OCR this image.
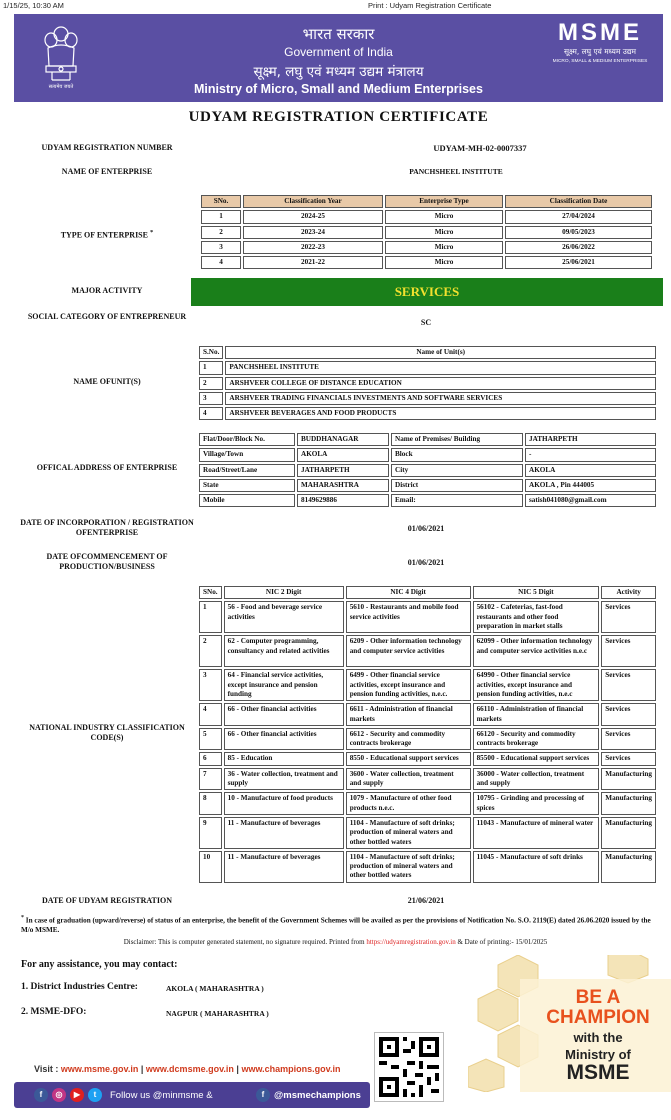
1/15/25, 10:30 AM	Print : Udyam Registration Certificate
सत्यमेव जयते
भारत सरकार
Government of India
सूक्ष्म, लघु एवं मध्यम उद्यम मंत्रालय
Ministry of Micro, Small and Medium Enterprises
MSME
सूक्ष्म, लघु एवं मध्यम उद्यम
MICRO, SMALL & MEDIUM ENTERPRISES
UDYAM REGISTRATION CERTIFICATE
UDYAM REGISTRATION NUMBER	UDYAM-MH-02-0007337
NAME OF ENTERPRISE	PANCHSHEEL INSTITUTE
TYPE OF ENTERPRISE *
SNo.	Classification Year	Enterprise Type	Classification Date
1	2024-25	Micro	27/04/2024
2	2023-24	Micro	09/05/2023
3	2022-23	Micro	26/06/2022
4	2021-22	Micro	25/06/2021
MAJOR ACTIVITY	SERVICES
SOCIAL CATEGORY OF ENTREPRENEUR
SC
NAME OFUNIT(S)
S.No.	Name of Unit(s)
1	PANCHSHEEL INSTITUTE
2	ARSHVEER COLLEGE OF DISTANCE EDUCATION
3	ARSHVEER TRADING FINANCIALS INVESTMENTS AND SOFTWARE SERVICES
4	ARSHVEER BEVERAGES AND FOOD PRODUCTS
OFFICAL ADDRESS OF ENTERPRISE
Flat/Door/Block No.	BUDDHANAGAR	Name of Premises/ Building	JATHARPETH
Village/Town	AKOLA	Block	-
Road/Street/Lane	JATHARPETH	City	AKOLA
State	MAHARASHTRA	District	AKOLA , Pin 444005
Mobile	8149629886	Email:	satish041080@gmail.com
DATE OF INCORPORATION / REGISTRATION OFENTERPRISE	01/06/2021
DATE OFCOMMENCEMENT OF PRODUCTION/BUSINESS	01/06/2021
NATIONAL INDUSTRY CLASSIFICATION CODE(S)
SNo.	NIC 2 Digit	NIC 4 Digit	NIC 5 Digit	Activity
1	56 - Food and beverage service activities	5610 - Restaurants and mobile food service activities	56102 - Cafeterias, fast-food restaurants and other food preparation in market stalls	Services
2	62 - Computer programming, consultancy and related activities	6209 - Other information technology and computer service activities	62099 - Other information technology and computer service activities n.e.c	Services
3	64 - Financial service activities, except insurance and pension funding	6499 - Other financial service activities, except insurance and pension funding activities, n.e.c.	64990 - Other financial service activities, except insurance and pension funding activities, n.e.c	Services
4	66 - Other financial activities	6611 - Administration of financial markets	66110 - Administration of financial markets	Services
5	66 - Other financial activities	6612 - Security and commodity contracts brokerage	66120 - Security and commodity contracts brokerage	Services
6	85 - Education	8550 - Educational support services	85500 - Educational support services	Services
7	36 - Water collection, treatment and supply	3600 - Water collection, treatment and supply	36000 - Water collection, treatment and supply	Manufacturing
8	10 - Manufacture of food products	1079 - Manufacture of other food products n.e.c.	10795 - Grinding and processing of spices	Manufacturing
9	11 - Manufacture of beverages	1104 - Manufacture of soft drinks; production of mineral waters and other bottled waters	11043 - Manufacture of mineral water	Manufacturing
10	11 - Manufacture of beverages	1104 - Manufacture of soft drinks; production of mineral waters and other bottled waters	11045 - Manufacture of soft drinks	Manufacturing
DATE OF UDYAM REGISTRATION	21/06/2021
* In case of graduation (upward/reverse) of status of an enterprise, the benefit of the Government Schemes will be availed as per the provisions of Notification No. S.O. 2119(E) dated 26.06.2020 issued by the M/o MSME.
Disclaimer: This is computer generated statement, no signature required. Printed from https://udyamregistration.gov.in & Date of printing:- 15/01/2025
For any assistance, you may contact:
1. District Industries Centre:	AKOLA ( MAHARASHTRA )
2. MSME-DFO:	NAGPUR ( MAHARASHTRA )
BE A
CHAMPION
with the
Ministry of
MSME
Visit : www.msme.gov.in | www.dcmsme.gov.in | www.champions.gov.in
f	◎	▶	t	Follow us @minmsme &	f	@msmechampions
